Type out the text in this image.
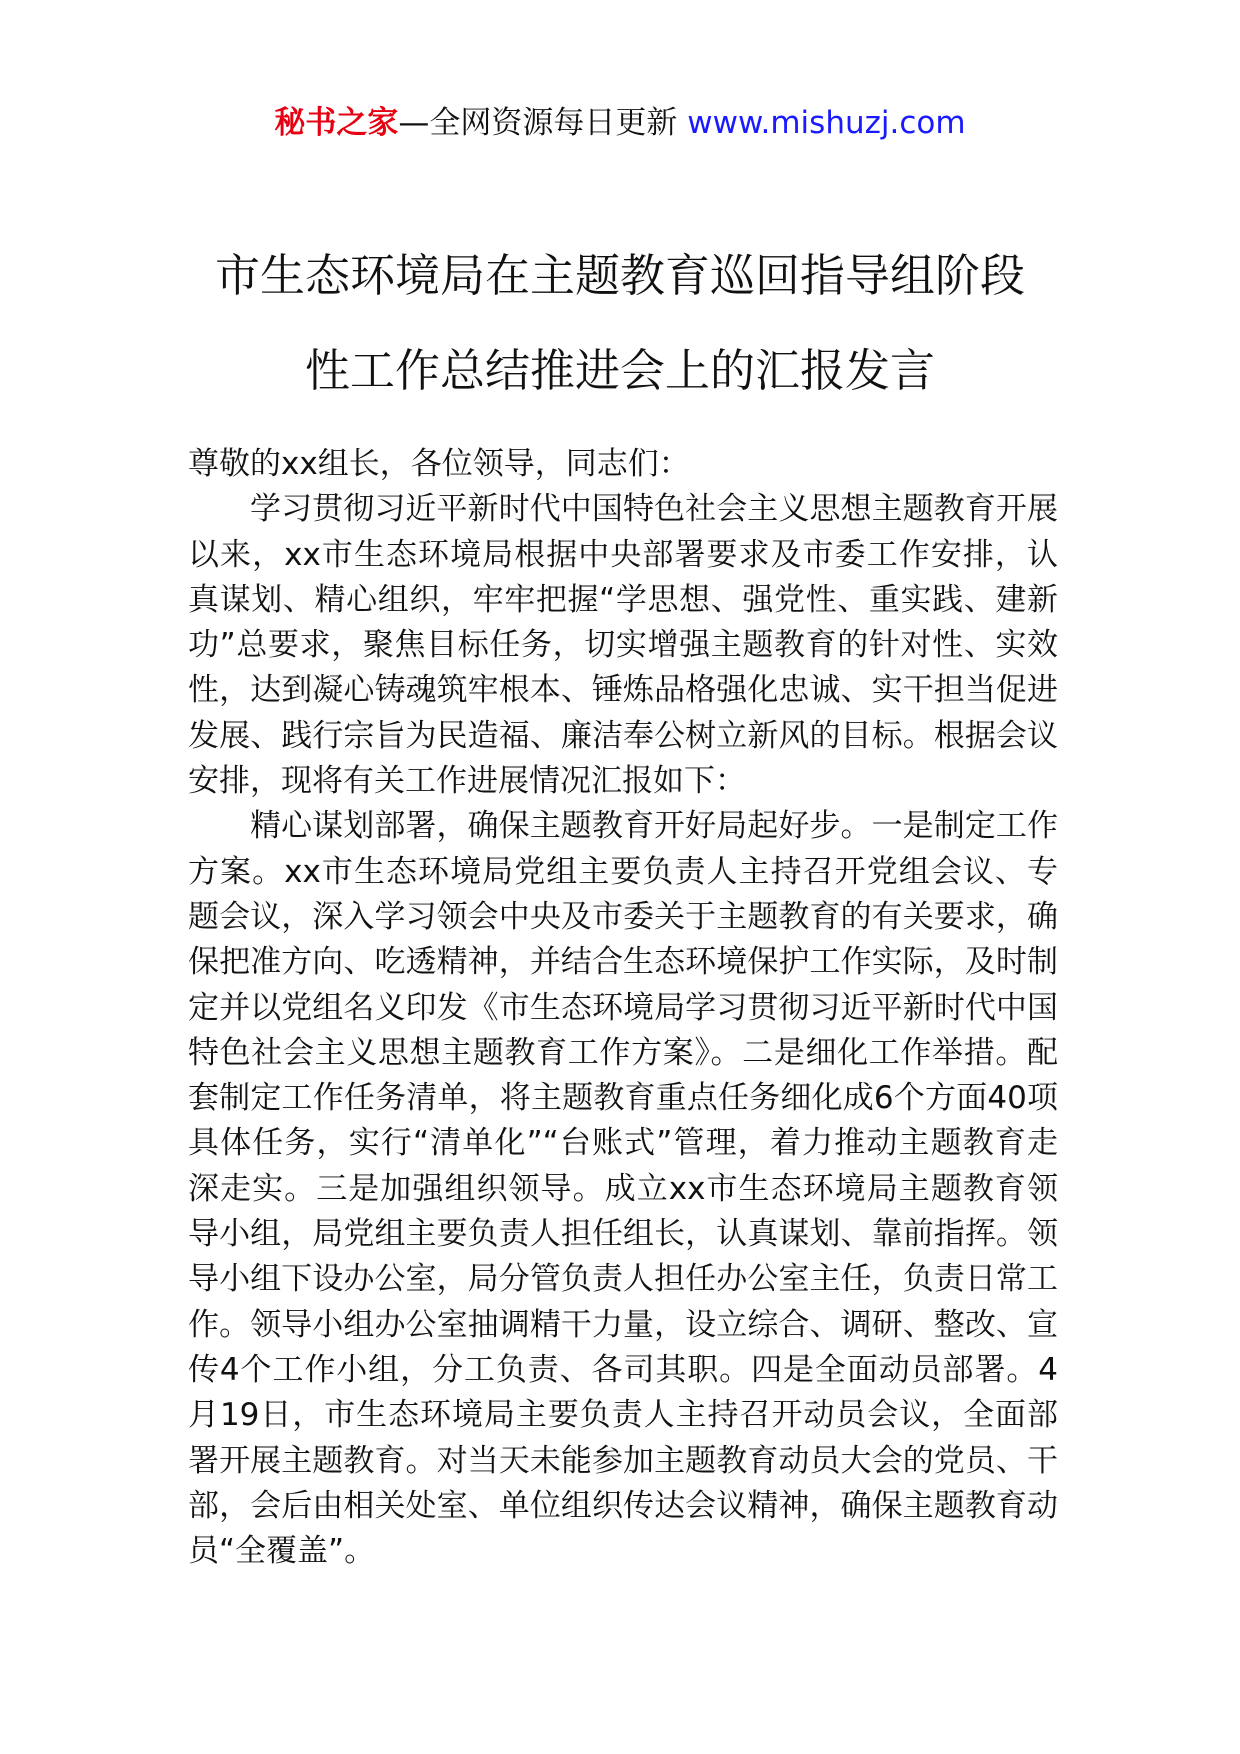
秘书之家—全网资源每日更新 www.mishuzj.com
市生态环境局在主题教育巡回指导组阶段
性工作总结推进会上的汇报发言

尊敬的xx组长，各位领导，同志们：

学习贯彻习近平新时代中国特色社会主义思想主题教育开展以来，xx市生态环境局根据中央部署要求及市委工作安排，认真谋划、精心组织，牢牢把握“学思想、强党性、重实践、建新功”总要求，聚焦目标任务，切实增强主题教育的针对性、实效性，达到凝心铸魂筑牢根本、锤炼品格强化忠诚、实干担当促进发展、践行宗旨为民造福、廉洁奉公树立新风的目标。根据会议安排，现将有关工作进展情况汇报如下：

精心谋划部署，确保主题教育开好局起好步。一是制定工作方案。xx市生态环境局党组主要负责人主持召开党组会议、专题会议，深入学习领会中央及市委关于主题教育的有关要求，确保把准方向、吃透精神，并结合生态环境保护工作实际，及时制定并以党组名义印发《市生态环境局学习贯彻习近平新时代中国特色社会主义思想主题教育工作方案》。二是细化工作举措。配套制定工作任务清单，将主题教育重点任务细化成6个方面40项具体任务，实行“清单化”“台账式”管理，着力推动主题教育走深走实。三是加强组织领导。成立xx市生态环境局主题教育领导小组，局党组主要负责人担任组长，认真谋划、靠前指挥。领导小组下设办公室，局分管负责人担任办公室主任，负责日常工作。领导小组办公室抽调精干力量，设立综合、调研、整改、宣传4个工作小组，分工负责、各司其职。四是全面动员部署。4月19日，市生态环境局主要负责人主持召开动员会议，全面部署开展主题教育。对当天未能参加主题教育动员大会的党员、干部，会后由相关处室、单位组织传达会议精神，确保主题教育动员“全覆盖”。
